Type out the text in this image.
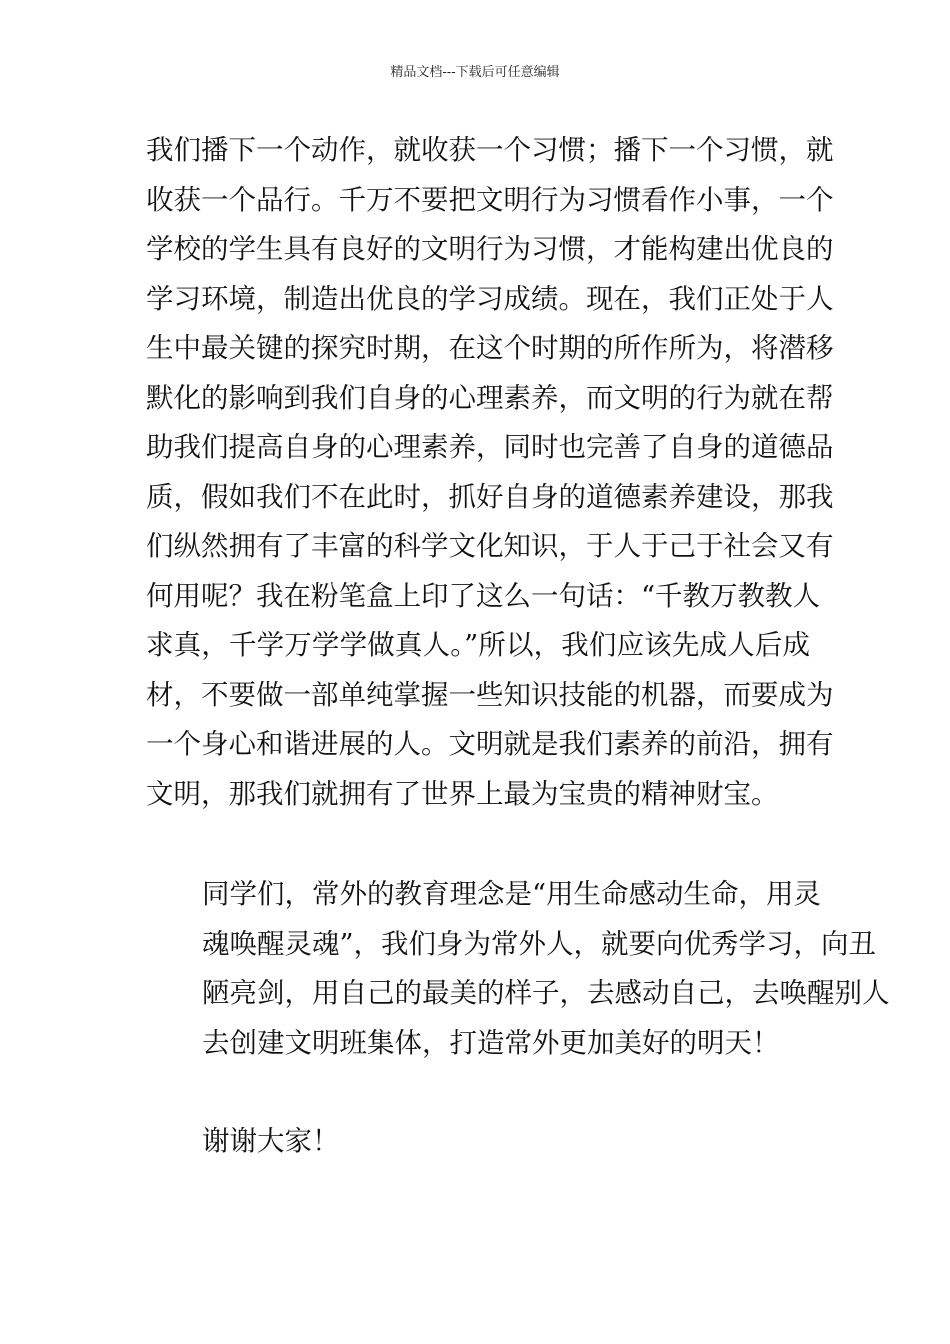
精品文档---下载后可任意编辑
我们播下一个动作，就收获一个习惯；播下一个习惯，就
收获一个品行。千万不要把文明行为习惯看作小事，一个
学校的学生具有良好的文明行为习惯，才能构建出优良的
学习环境，制造出优良的学习成绩。现在，我们正处于人
生中最关键的探究时期，在这个时期的所作所为，将潜移
默化的影响到我们自身的心理素养，而文明的行为就在帮
助我们提高自身的心理素养，同时也完善了自身的道德品
质，假如我们不在此时，抓好自身的道德素养建设，那我
们纵然拥有了丰富的科学文化知识，于人于己于社会又有
何用呢？我在粉笔盒上印了这么一句话：“千教万教教人
求真，千学万学学做真人。”所以，我们应该先成人后成
材，不要做一部单纯掌握一些知识技能的机器，而要成为
一个身心和谐进展的人。文明就是我们素养的前沿，拥有
文明，那我们就拥有了世界上最为宝贵的精神财宝。
同学们，常外的教育理念是“用生命感动生命，用灵
魂唤醒灵魂”，我们身为常外人，就要向优秀学习，向丑
陋亮剑，用自己的最美的样子，去感动自己，去唤醒别人
去创建文明班集体，打造常外更加美好的明天！
谢谢大家！
